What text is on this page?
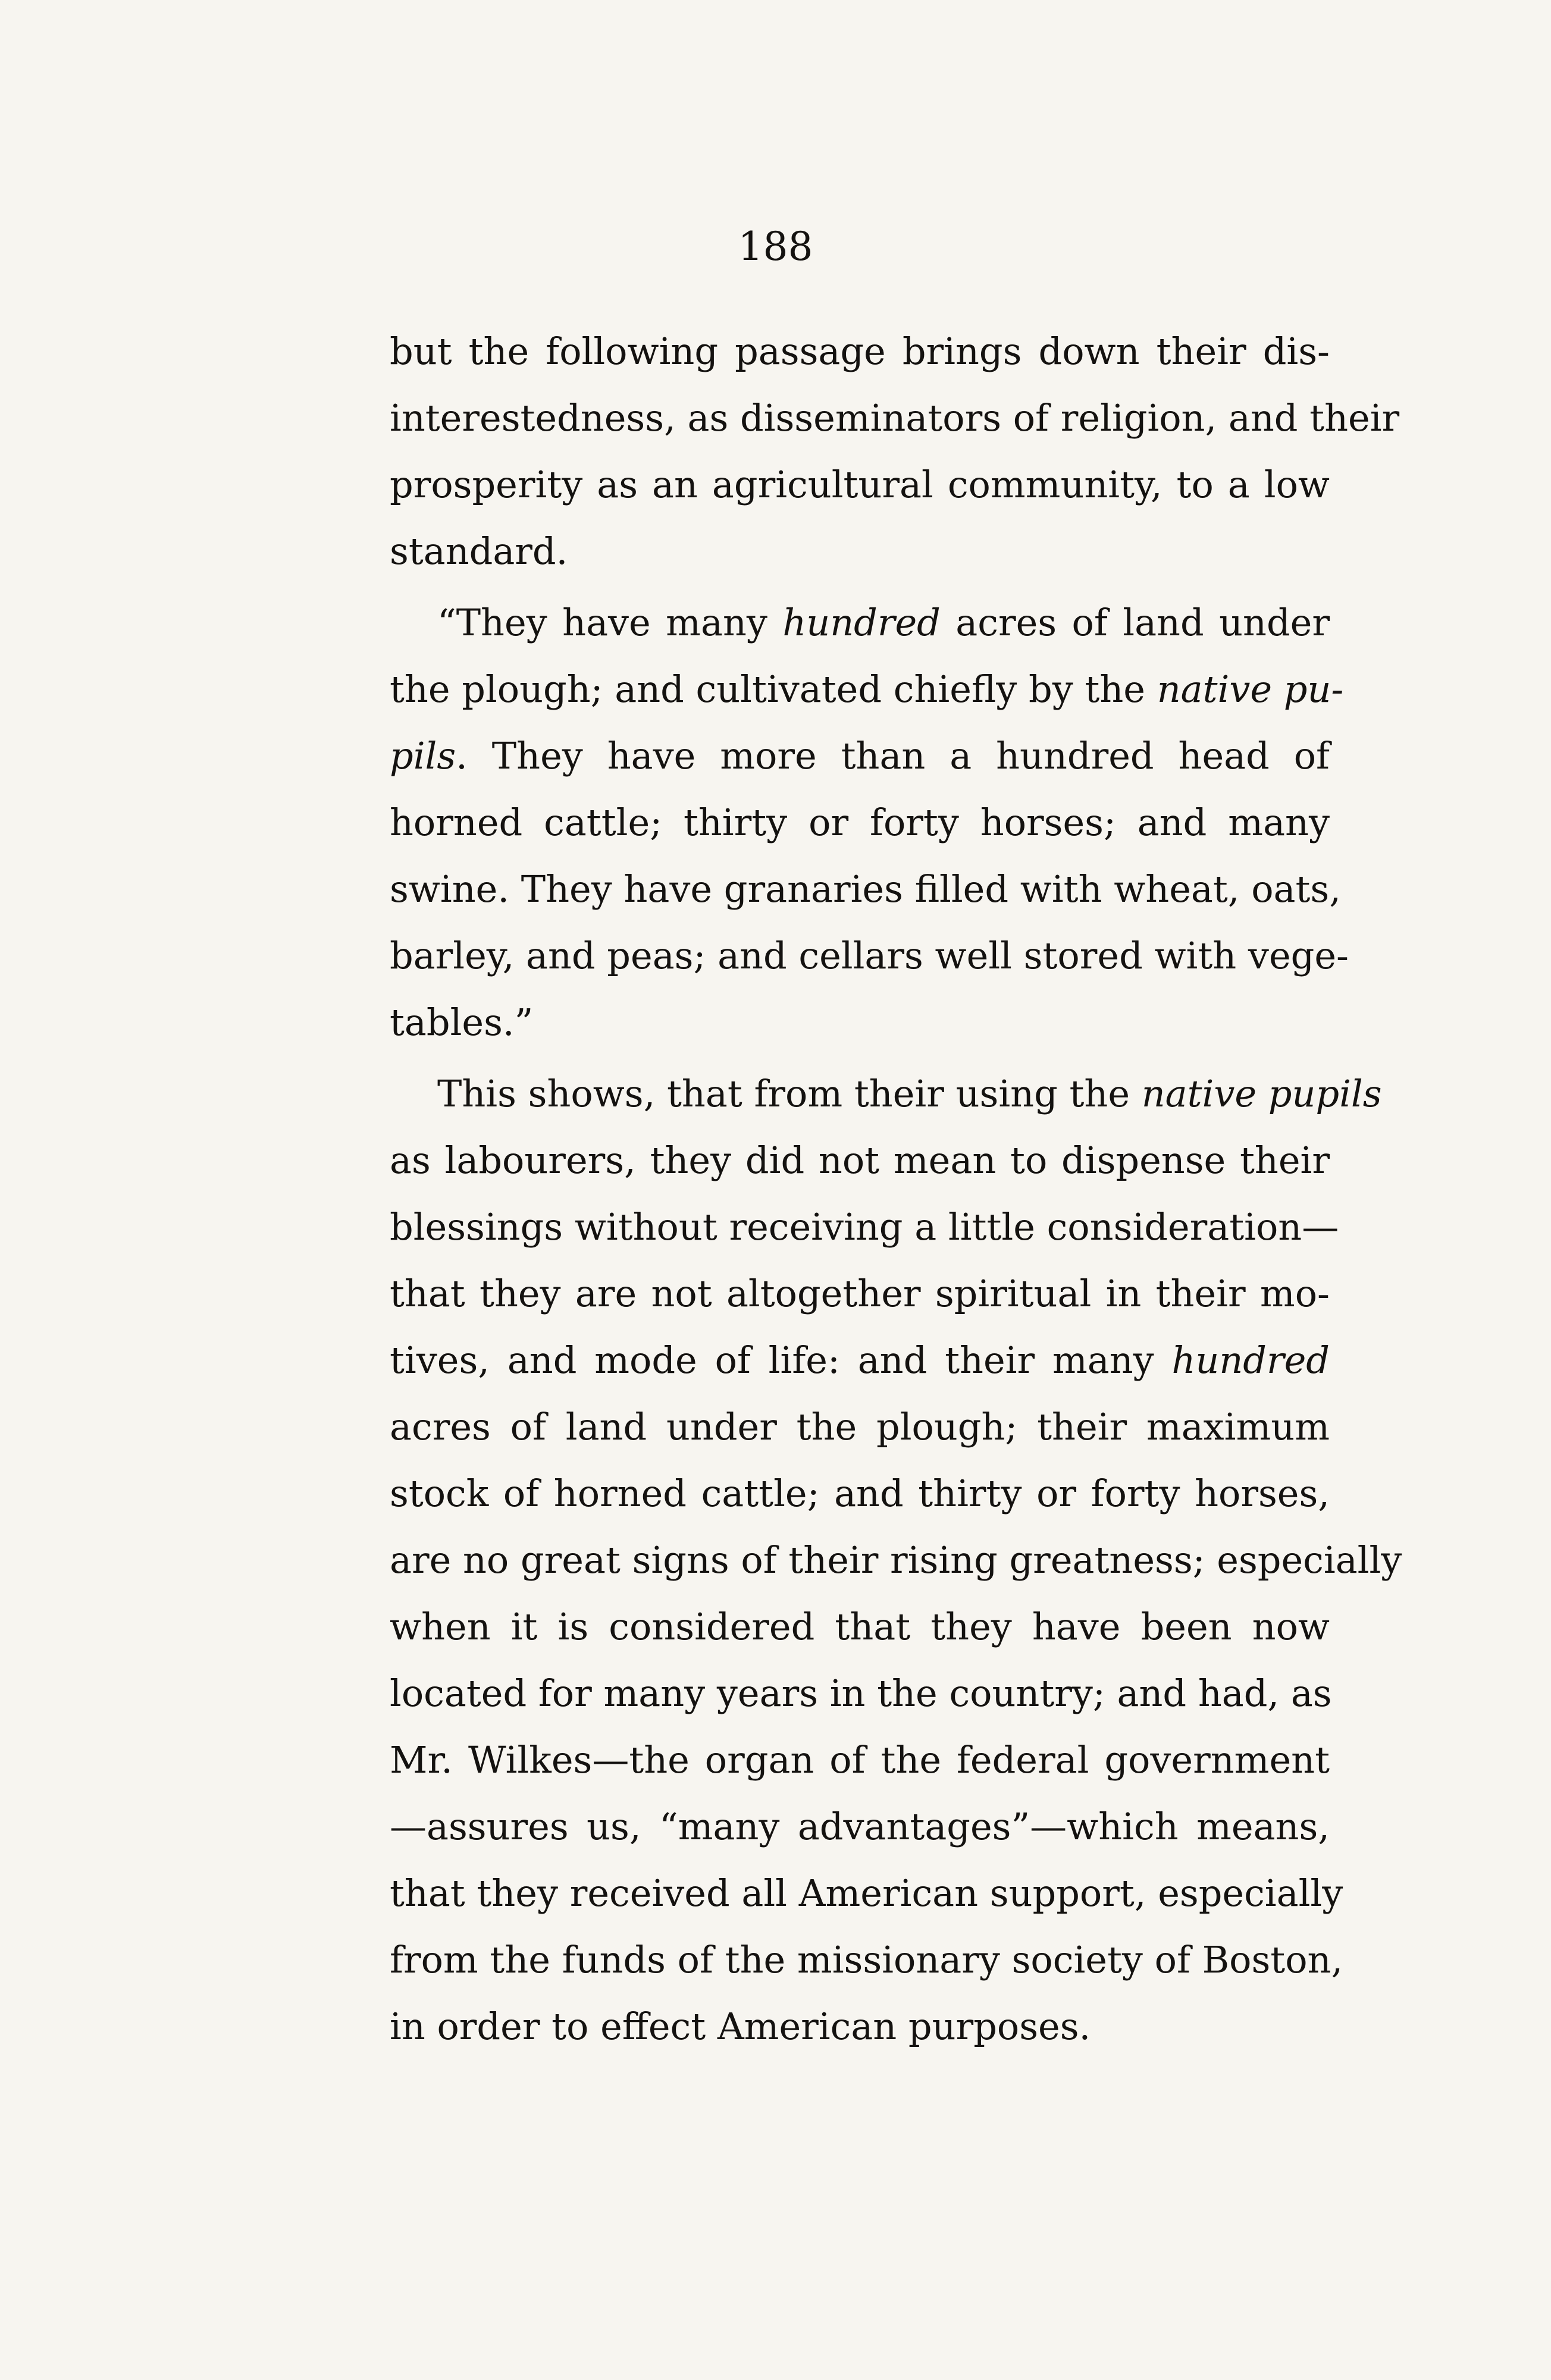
188
but the following passage brings down their dis-
interestedness, as disseminators of religion, and their
prosperity as an agricultural community, to a low
standard.
“They have many hundred acres of land under
the plough; and cultivated chiefly by the native pu-
pils. They have more than a hundred head of
horned cattle; thirty or forty horses; and many
swine. They have granaries filled with wheat, oats,
barley, and peas; and cellars well stored with vege-
tables.”
This shows, that from their using the native pupils
as labourers, they did not mean to dispense their
blessings without receiving a little consideration—
that they are not altogether spiritual in their mo-
tives, and mode of life: and their many hundred
acres of land under the plough; their maximum
stock of horned cattle; and thirty or forty horses,
are no great signs of their rising greatness; especially
when it is considered that they have been now
located for many years in the country; and had, as
Mr. Wilkes—the organ of the federal government
—assures us, “many advantages”—which means,
that they received all American support, especially
from the funds of the missionary society of Boston,
in order to effect American purposes.
